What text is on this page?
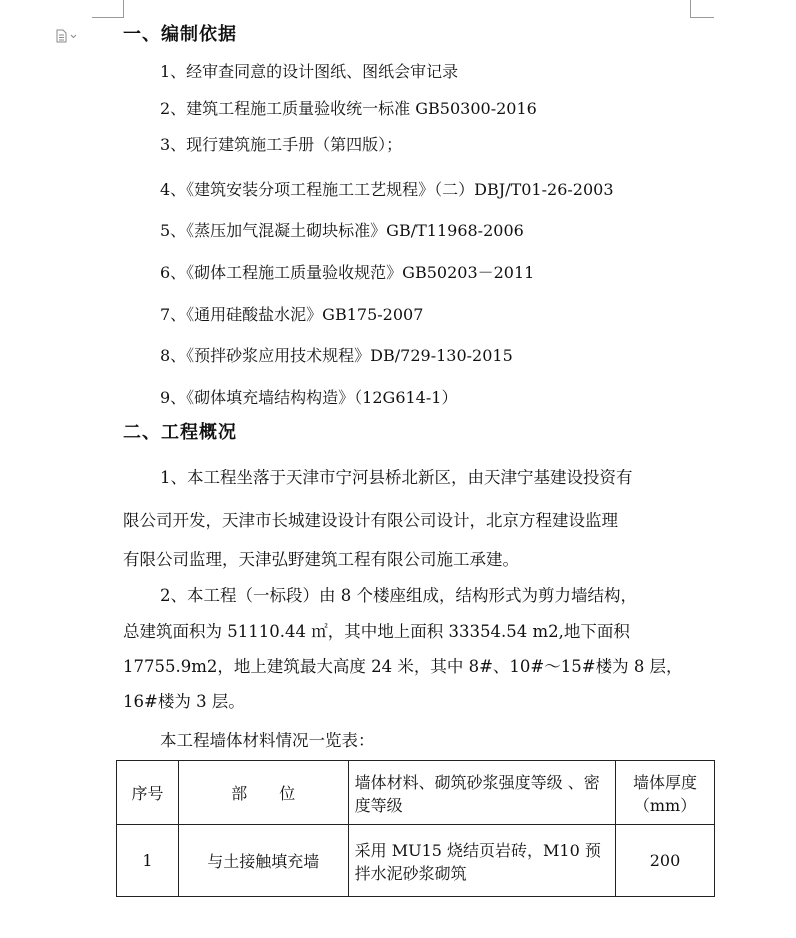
一、编制依据
1、经审查同意的设计图纸、图纸会审记录
2、建筑工程施工质量验收统一标准 GB50300-2016
3、现行建筑施工手册（第四版）；
4、《建筑安装分项工程施工工艺规程》（二）DBJ/T01-26-2003
5、《蒸压加气混凝土砌块标准》GB/T11968-2006
6、《砌体工程施工质量验收规范》GB50203－2011
7、《通用硅酸盐水泥》GB175-2007
8、《预拌砂浆应用技术规程》DB/729-130-2015
9、《砌体填充墙结构构造》（12G614-1）
二、工程概况
1、本工程坐落于天津市宁河县桥北新区，由天津宁基建设投资有
限公司开发，天津市长城建设设计有限公司设计，北京方程建设监理
有限公司监理，天津弘野建筑工程有限公司施工承建。
2、本工程（一标段）由 8 个楼座组成，结构形式为剪力墙结构，
总建筑面积为 51110.44 ㎡，其中地上面积 33354.54 m2,地下面积
17755.9m2，地上建筑最大高度 24 米，其中 8#、10#～15#楼为 8 层，
16#楼为 3 层。
本工程墙体材料情况一览表：
序号	部　　位	墙体材料、砌筑砂浆强度等级 、密度等级	墙体厚度（mm）
1	与土接触填充墙	采用 MU15 烧结页岩砖，M10 预拌水泥砂浆砌筑	200
